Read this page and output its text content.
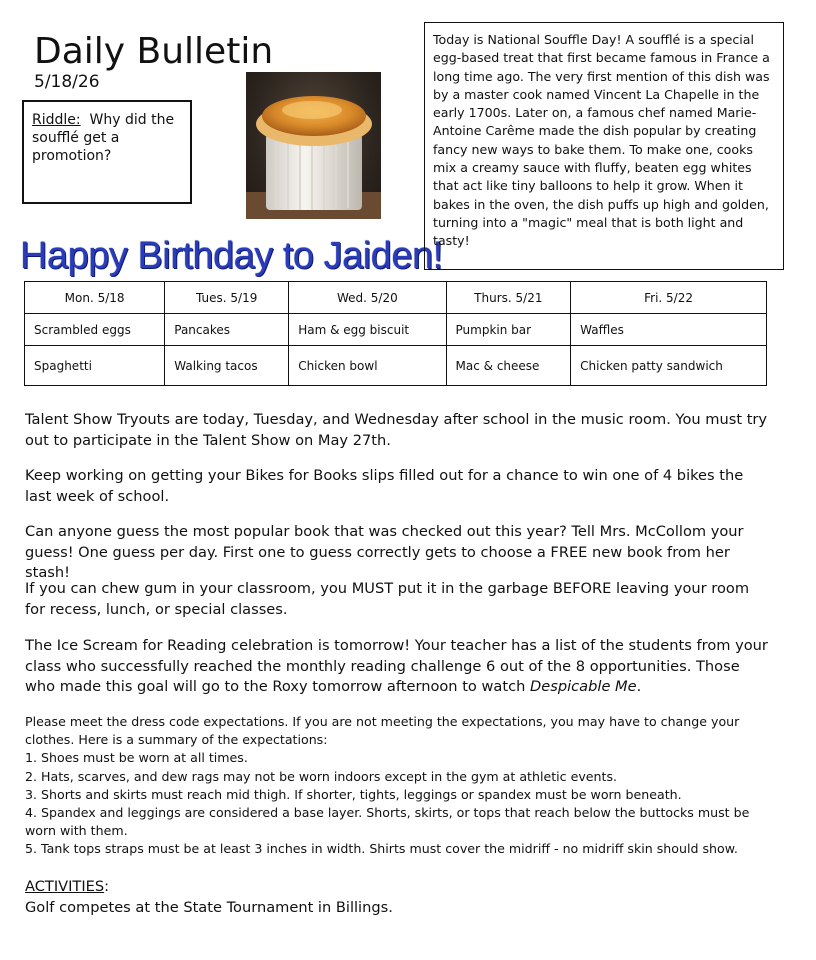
Daily Bulletin
5/18/26
Riddle: Why did the soufflé get a promotion?
Happy Birthday to Jaiden!
Today is National Souffle Day! A soufflé is a special egg-based treat that first became famous in France a long time ago. The very first mention of this dish was by a master cook named Vincent La Chapelle in the early 1700s. Later on, a famous chef named Marie-Antoine Carême made the dish popular by creating fancy new ways to bake them. To make one, cooks mix a creamy sauce with fluffy, beaten egg whites that act like tiny balloons to help it grow. When it bakes in the oven, the dish puffs up high and golden, turning into a "magic" meal that is both light and tasty!
Mon. 5/18	Tues. 5/19	Wed. 5/20	Thurs. 5/21	Fri. 5/22
Scrambled eggs	Pancakes	Ham & egg biscuit	Pumpkin bar	Waffles
Spaghetti	Walking tacos	Chicken bowl	Mac & cheese	Chicken patty sandwich

Talent Show Tryouts are today, Tuesday, and Wednesday after school in the music room. You must try out to participate in the Talent Show on May 27th.

Keep working on getting your Bikes for Books slips filled out for a chance to win one of 4 bikes the last week of school.

Can anyone guess the most popular book that was checked out this year? Tell Mrs. McCollom your guess! One guess per day. First one to guess correctly gets to choose a FREE new book from her stash!

If you can chew gum in your classroom, you MUST put it in the garbage BEFORE leaving your room for recess, lunch, or special classes.

The Ice Scream for Reading celebration is tomorrow! Your teacher has a list of the students from your class who successfully reached the monthly reading challenge 6 out of the 8 opportunities. Those who made this goal will go to the Roxy tomorrow afternoon to watch Despicable Me.

Please meet the dress code expectations. If you are not meeting the expectations, you may have to change your clothes. Here is a summary of the expectations:
1. Shoes must be worn at all times.
2. Hats, scarves, and dew rags may not be worn indoors except in the gym at athletic events.
3. Shorts and skirts must reach mid thigh. If shorter, tights, leggings or spandex must be worn beneath.
4. Spandex and leggings are considered a base layer. Shorts, skirts, or tops that reach below the buttocks must be worn with them.
5. Tank tops straps must be at least 3 inches in width. Shirts must cover the midriff - no midriff skin should show.
ACTIVITIES:
Golf competes at the State Tournament in Billings.
